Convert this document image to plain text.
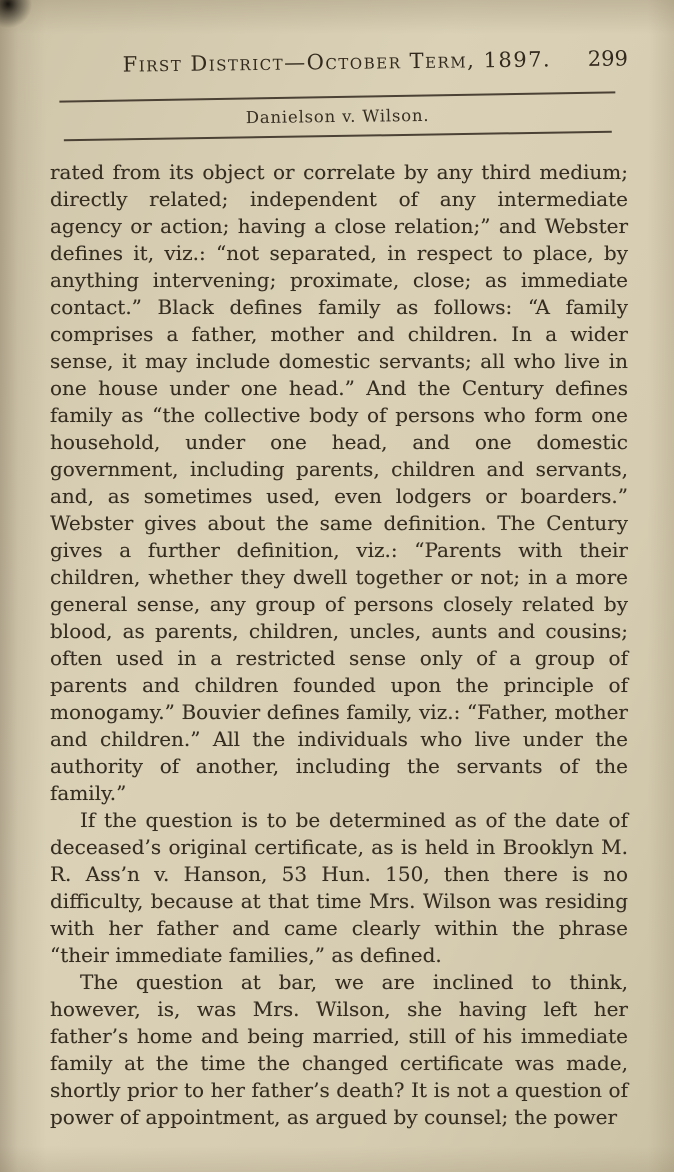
First District—October Term, 1897.	299
Danielson v. Wilson.

rated from its object or correlate by any third medium; directly related; independent of any intermediate agency or action; having a close relation;” and Webster defines it, viz.: “not separated, in respect to place, by anything intervening; proximate, close; as immediate contact.” Black defines family as follows: “A family comprises a father, mother and children. In a wider sense, it may include domestic servants; all who live in one house under one head.” And the Century defines family as “the collective body of persons who form one household, under one head, and one domestic government, including parents, children and servants, and, as sometimes used, even lodgers or boarders.” Webster gives about the same definition. The Century gives a further definition, viz.: “Parents with their children, whether they dwell together or not; in a more general sense, any group of persons closely related by blood, as parents, children, uncles, aunts and cousins; often used in a restricted sense only of a group of parents and children founded upon the principle of monogamy.” Bouvier defines family, viz.: “Father, mother and children.” All the individuals who live under the authority of another, including the servants of the family.”

If the question is to be determined as of the date of deceased’s original certificate, as is held in Brooklyn M. R. Ass’n v. Hanson, 53 Hun. 150, then there is no difficulty, because at that time Mrs. Wilson was residing with her father and came clearly within the phrase “their immediate families,” as defined.

The question at bar, we are inclined to think, however, is, was Mrs. Wilson, she having left her father’s home and being married, still of his immediate family at the time the changed certificate was made, shortly prior to her father’s death? It is not a question of power of appointment, as argued by counsel; the power
